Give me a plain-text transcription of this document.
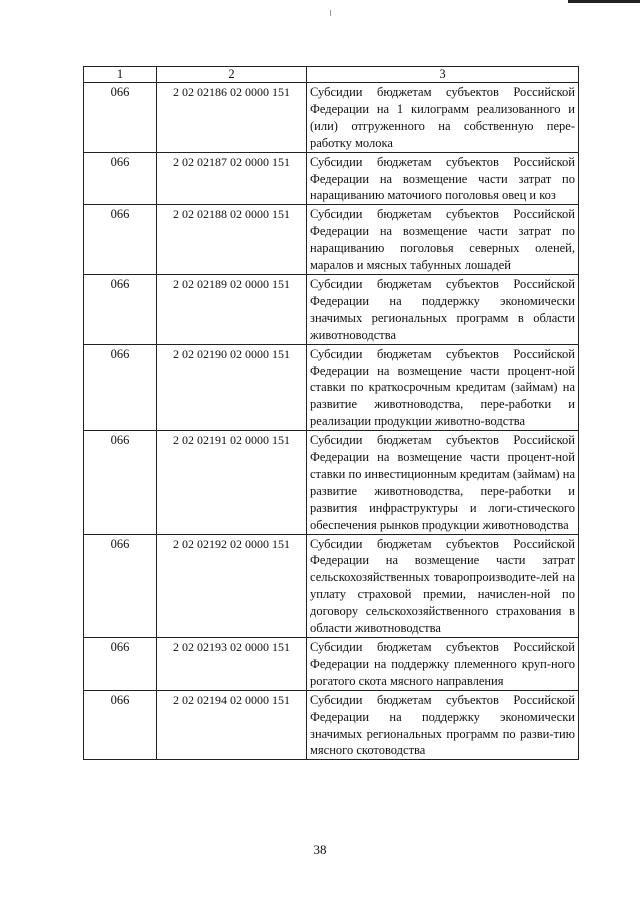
1	2	3
066	2 02 02186 02 0000 151	Субсидии бюджетам субъектов Российской Федерации на 1 килограмм реализованного и (или) отгруженного на собственную пере-работку молока
066	2 02 02187 02 0000 151	Субсидии бюджетам субъектов Российской Федерации на возмещение части затрат по наращиванию маточиого поголовья овец и коз
066	2 02 02188 02 0000 151	Субсидии бюджетам субъектов Российской Федерации на возмещение части затрат по наращиванию поголовья северных оленей, маралов и мясных табунных лошадей
066	2 02 02189 02 0000 151	Субсидии бюджетам субъектов Российской Федерации на поддержку экономически значимых региональных программ в области животноводства
066	2 02 02190 02 0000 151	Субсидии бюджетам субъектов Российской Федерации на возмещение части процент-ной ставки по краткосрочным кредитам (займам) на развитие животноводства, пере-работки и реализации продукции животно-водства
066	2 02 02191 02 0000 151	Субсидии бюджетам субъектов Российской Федерации на возмещение части процент-ной ставки по инвестиционным кредитам (займам) на развитие животноводства, пере-работки и развития инфраструктуры и логи-стического обеспечения рынков продукции животноводства
066	2 02 02192 02 0000 151	Субсидии бюджетам субъектов Российской Федерации на возмещение части затрат сельскохозяйственных товаропроизводите-лей на уплату страховой премии, начислен-ной по договору сельскохозяйственного страхования в области животноводства
066	2 02 02193 02 0000 151	Субсидии бюджетам субъектов Российской Федерации на поддержку племенного круп-ного рогатого скота мясного направления
066	2 02 02194 02 0000 151	Субсидии бюджетам субъектов Российской Федерации на поддержку экономически значимых региональных программ по разви-тию мясного скотоводства
38
